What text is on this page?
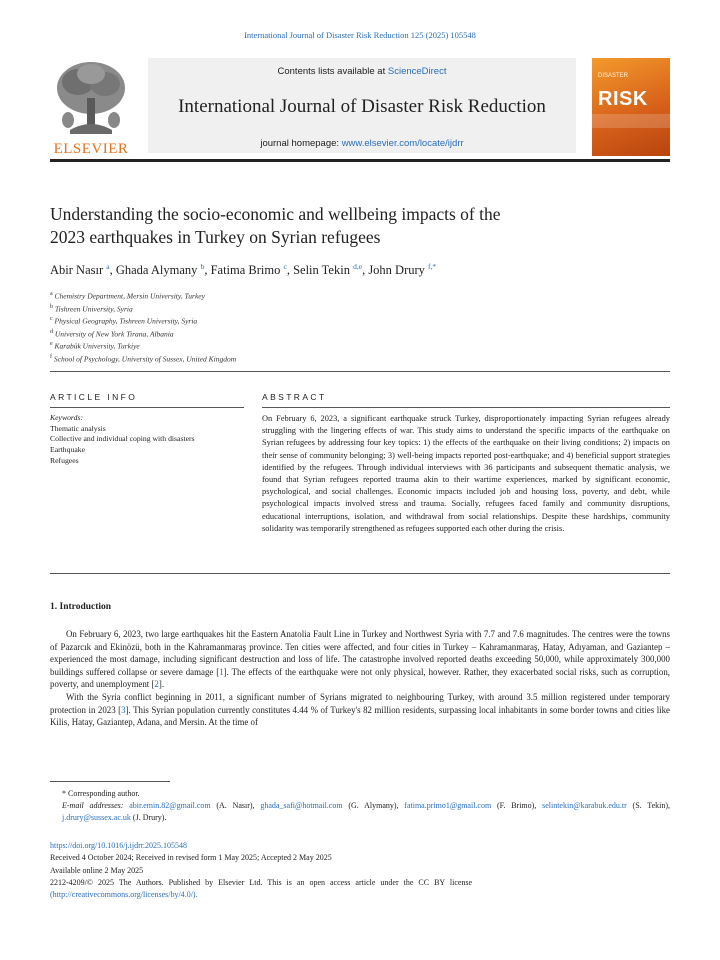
International Journal of Disaster Risk Reduction 125 (2025) 105548
ELSEVIER
Contents lists available at ScienceDirect
International Journal of Disaster Risk Reduction
journal homepage: www.elsevier.com/locate/ijdrr
DISASTER
RISK
Understanding the socio-economic and wellbeing impacts of the
2023 earthquakes in Turkey on Syrian refugees
Abir Nasır $^a$, Ghada Alymany $^b$, Fatima Brimo $^c$, Selin Tekin $^{d,e}$, John Drury $^{f,*}$
$^a$ Chemistry Department, Mersin University, Turkey
$^b$ Tishreen University, Syria
$^c$ Physical Geography, Tishreen University, Syria
$^d$ University of New York Tirana, Albania
$^e$ Karabük University, Turkiye
$^f$ School of Psychology, University of Sussex, United Kingdom
ARTICLE INFO	ABSTRACT
Keywords:
Thematic analysis
Collective and individual coping with disasters
Earthquake
Refugees
On February 6, 2023, a significant earthquake struck Turkey, disproportionately impacting Syrian refugees already struggling with the lingering effects of war. This study aims to understand the specific impacts of the earthquake on Syrian refugees by addressing four key topics: 1) the effects of the earthquake on their living conditions; 2) impacts on their sense of community belonging; 3) well-being impacts reported post-earthquake; and 4) beneficial support strategies identified by the refugees. Through individual interviews with 36 participants and subsequent thematic analysis, we found that Syrian refugees reported trauma akin to their wartime experiences, marked by significant economic, psychological, and social challenges. Economic impacts included job and housing loss, poverty, and debt, while psychological impacts involved stress and trauma. Socially, refugees faced family and community disruptions, educational interruptions, isolation, and withdrawal from social relationships. Despite these hardships, community solidarity was temporarily strengthened as refugees supported each other during the crisis.
1. Introduction

On February 6, 2023, two large earthquakes hit the Eastern Anatolia Fault Line in Turkey and Northwest Syria with 7.7 and 7.6 magnitudes. The centres were the towns of Pazarcık and Ekinözü, both in the Kahramanmaraş province. Ten cities were affected, and four cities in Turkey – Kahramanmaraş, Hatay, Adıyaman, and Gaziantep – experienced the most damage, including significant destruction and loss of life. The catastrophe involved reported deaths exceeding 50,000, while approximately 300,000 buildings suffered collapse or severe damage [1]. The effects of the earthquake were not only physical, however. Rather, they exacerbated social risks, such as corruption, poverty, and unemployment [2].

With the Syria conflict beginning in 2011, a significant number of Syrians migrated to neighbouring Turkey, with around 3.5 million registered under temporary protection in 2023 [3]. This Syrian population currently constitutes 4.44 % of Turkey's 82 million residents, surpassing local inhabitants in some border towns and cities like Kilis, Hatay, Gaziantep, Adana, and Mersin. At the time of

* Corresponding author.
E-mail addresses: abir.emin.82@gmail.com (A. Nasır), ghada_safi@hotmail.com (G. Alymany), fatima.primo1@gmail.com (F. Brimo), selintekin@karabuk.edu.tr (S. Tekin), j.drury@sussex.ac.uk (J. Drury).
https://doi.org/10.1016/j.ijdrr.2025.105548
Received 4 October 2024; Received in revised form 1 May 2025; Accepted 2 May 2025
Available online 2 May 2025
2212-4209/© 2025 The Authors. Published by Elsevier Ltd. This is an open access article under the CC BY license
(http://creativecommons.org/licenses/by/4.0/).
